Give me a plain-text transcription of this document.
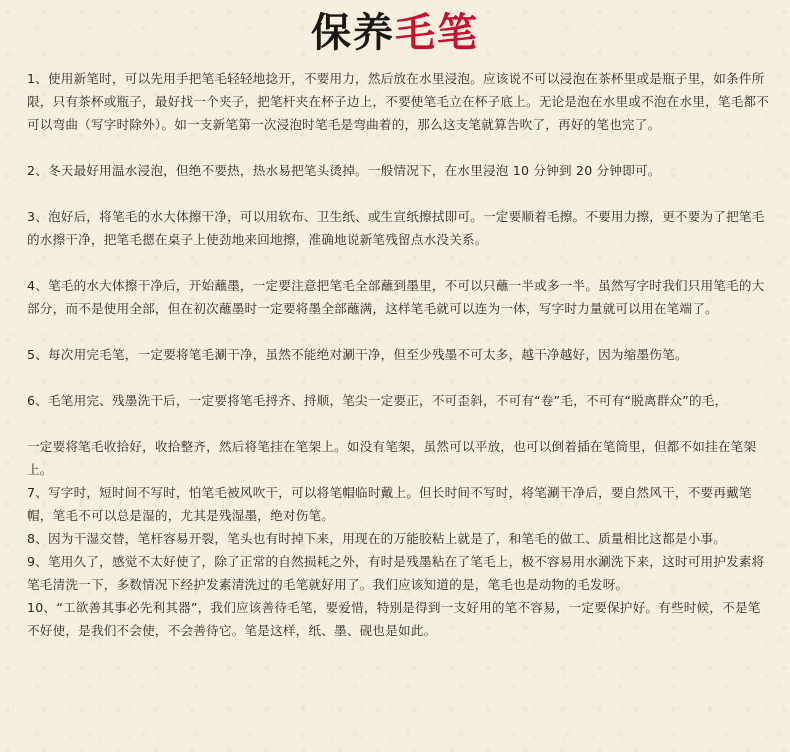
保养毛笔

1、使用新笔时，可以先用手把笔毛轻轻地捻开，不要用力，然后放在水里浸泡。应该说不可以浸泡在茶杯里或是瓶子里，如条件所限，只有茶杯或瓶子，最好找一个夹子，把笔杆夹在杯子边上，不要使笔毛立在杯子底上。无论是泡在水里或不泡在水里，笔毛都不可以弯曲（写字时除外）。如一支新笔第一次浸泡时笔毛是弯曲着的，那么这支笔就算告吹了，再好的笔也完了。

2、冬天最好用温水浸泡，但绝不要热，热水易把笔头烫掉。一般情况下，在水里浸泡 10 分钟到 20 分钟即可。

3、泡好后，将笔毛的水大体擦干净，可以用软布、卫生纸、或生宣纸擦拭即可。一定要顺着毛擦。不要用力擦，更不要为了把笔毛的水擦干净，把笔毛摁在桌子上使劲地来回地擦，准确地说新笔残留点水没关系。

4、笔毛的水大体擦干净后，开始蘸墨，一定要注意把笔毛全部蘸到墨里，不可以只蘸一半或多一半。虽然写字时我们只用笔毛的大部分，而不是使用全部，但在初次蘸墨时一定要将墨全部蘸满，这样笔毛就可以连为一体，写字时力量就可以用在笔端了。

5、每次用完毛笔，一定要将笔毛涮干净，虽然不能绝对涮干净，但至少残墨不可太多，越干净越好，因为缩墨伤笔。

6、毛笔用完、残墨洗干后，一定要将笔毛捋齐、捋顺，笔尖一定要正，不可歪斜，不可有“卷”毛，不可有“脱离群众”的毛，

一定要将笔毛收拾好，收拾整齐，然后将笔挂在笔架上。如没有笔架，虽然可以平放，也可以倒着插在笔筒里，但都不如挂在笔架上。

7、写字时，短时间不写时，怕笔毛被风吹干，可以将笔帽临时戴上。但长时间不写时，将笔涮干净后，要自然风干，不要再戴笔帽，笔毛不可以总是湿的，尤其是残湿墨，绝对伤笔。

8、因为干湿交替，笔杆容易开裂，笔头也有时掉下来，用现在的万能胶粘上就是了，和笔毛的做工、质量相比这都是小事。

9、笔用久了，感觉不太好使了，除了正常的自然损耗之外，有时是残墨粘在了笔毛上，极不容易用水涮洗下来，这时可用护发素将笔毛清洗一下，多数情况下经护发素清洗过的毛笔就好用了。我们应该知道的是，笔毛也是动物的毛发呀。

10、“工欲善其事必先利其器”，我们应该善待毛笔，要爱惜，特别是得到一支好用的笔不容易，一定要保护好。有些时候，不是笔不好使，是我们不会使，不会善待它。笔是这样，纸、墨、砚也是如此。
